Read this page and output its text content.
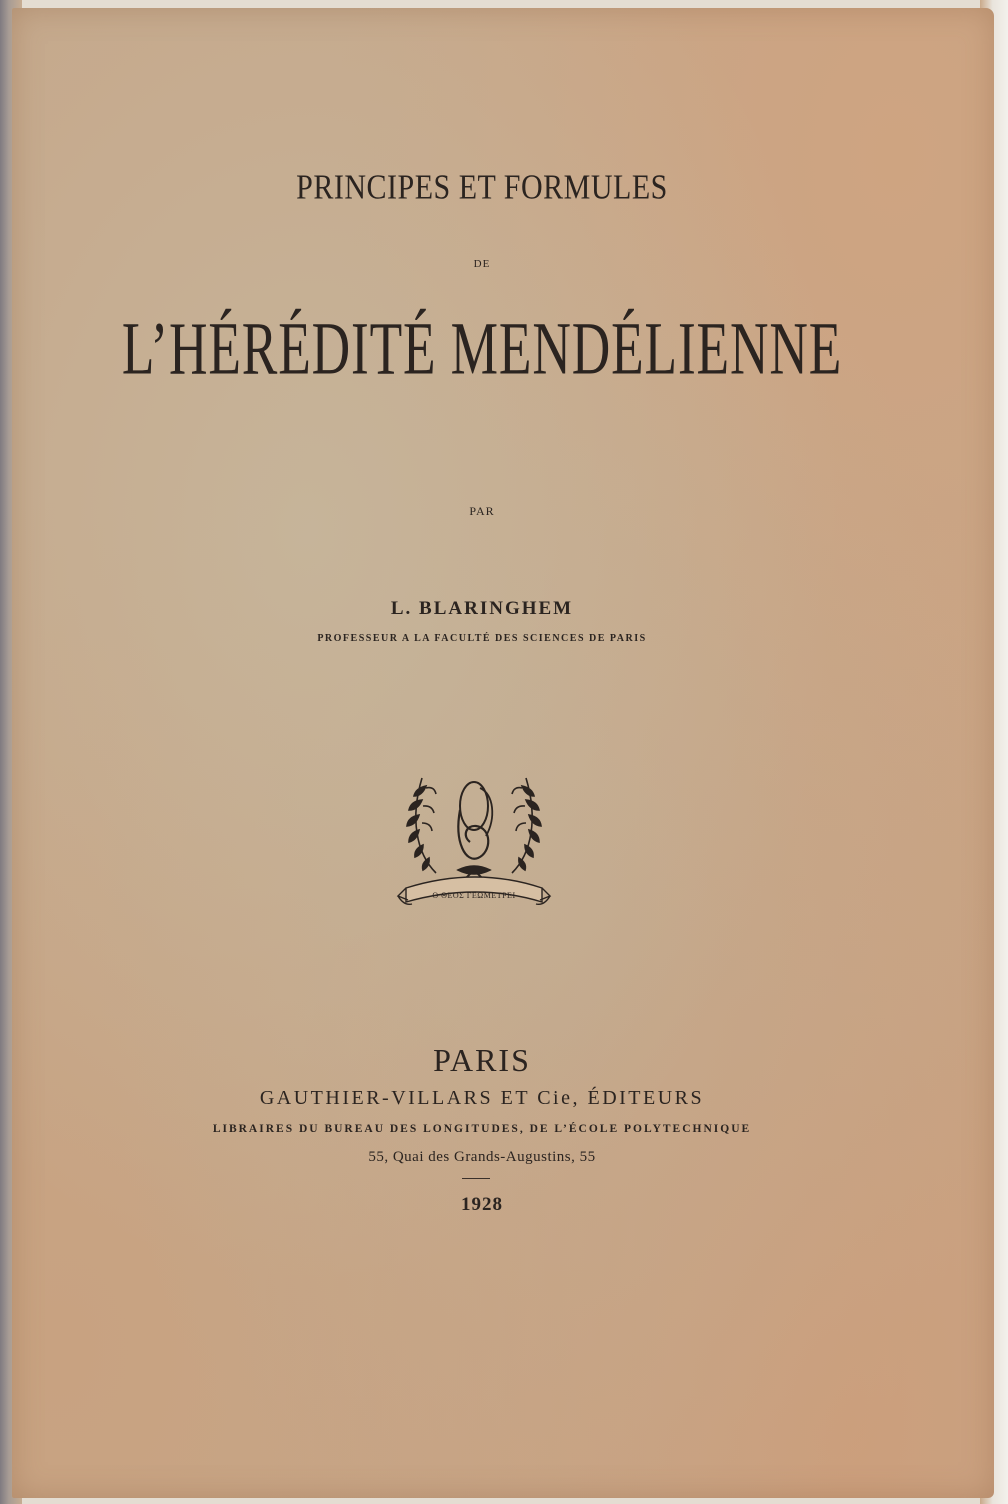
PRINCIPES ET FORMULES
DE
L’HÉRÉDITÉ MENDÉLIENNE
PAR
L. BLARINGHEM
PROFESSEUR A LA FACULTÉ DES SCIENCES DE PARIS
Ο ΘΕΟΣ ΓΕΩΜΕΤΡΕΙ
PARIS
GAUTHIER-VILLARS ET Cie, ÉDITEURS
LIBRAIRES DU BUREAU DES LONGITUDES, DE L’ÉCOLE POLYTECHNIQUE
55, Quai des Grands-Augustins, 55
1928
